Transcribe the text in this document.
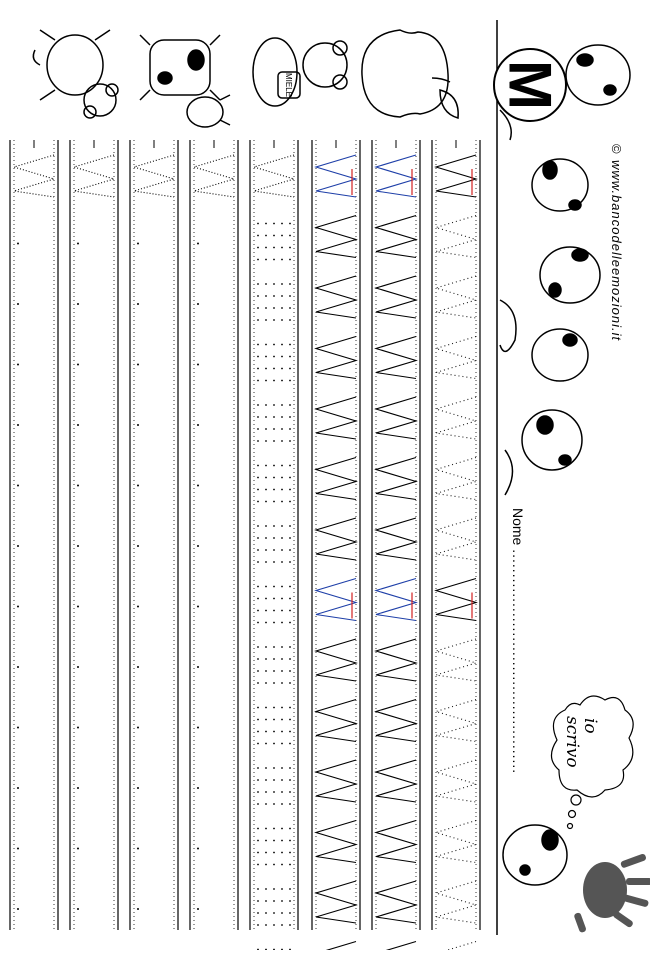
M
MIELE
©
www.bancodelleemozioni.it
Nome ..............................................	io
scrivo
